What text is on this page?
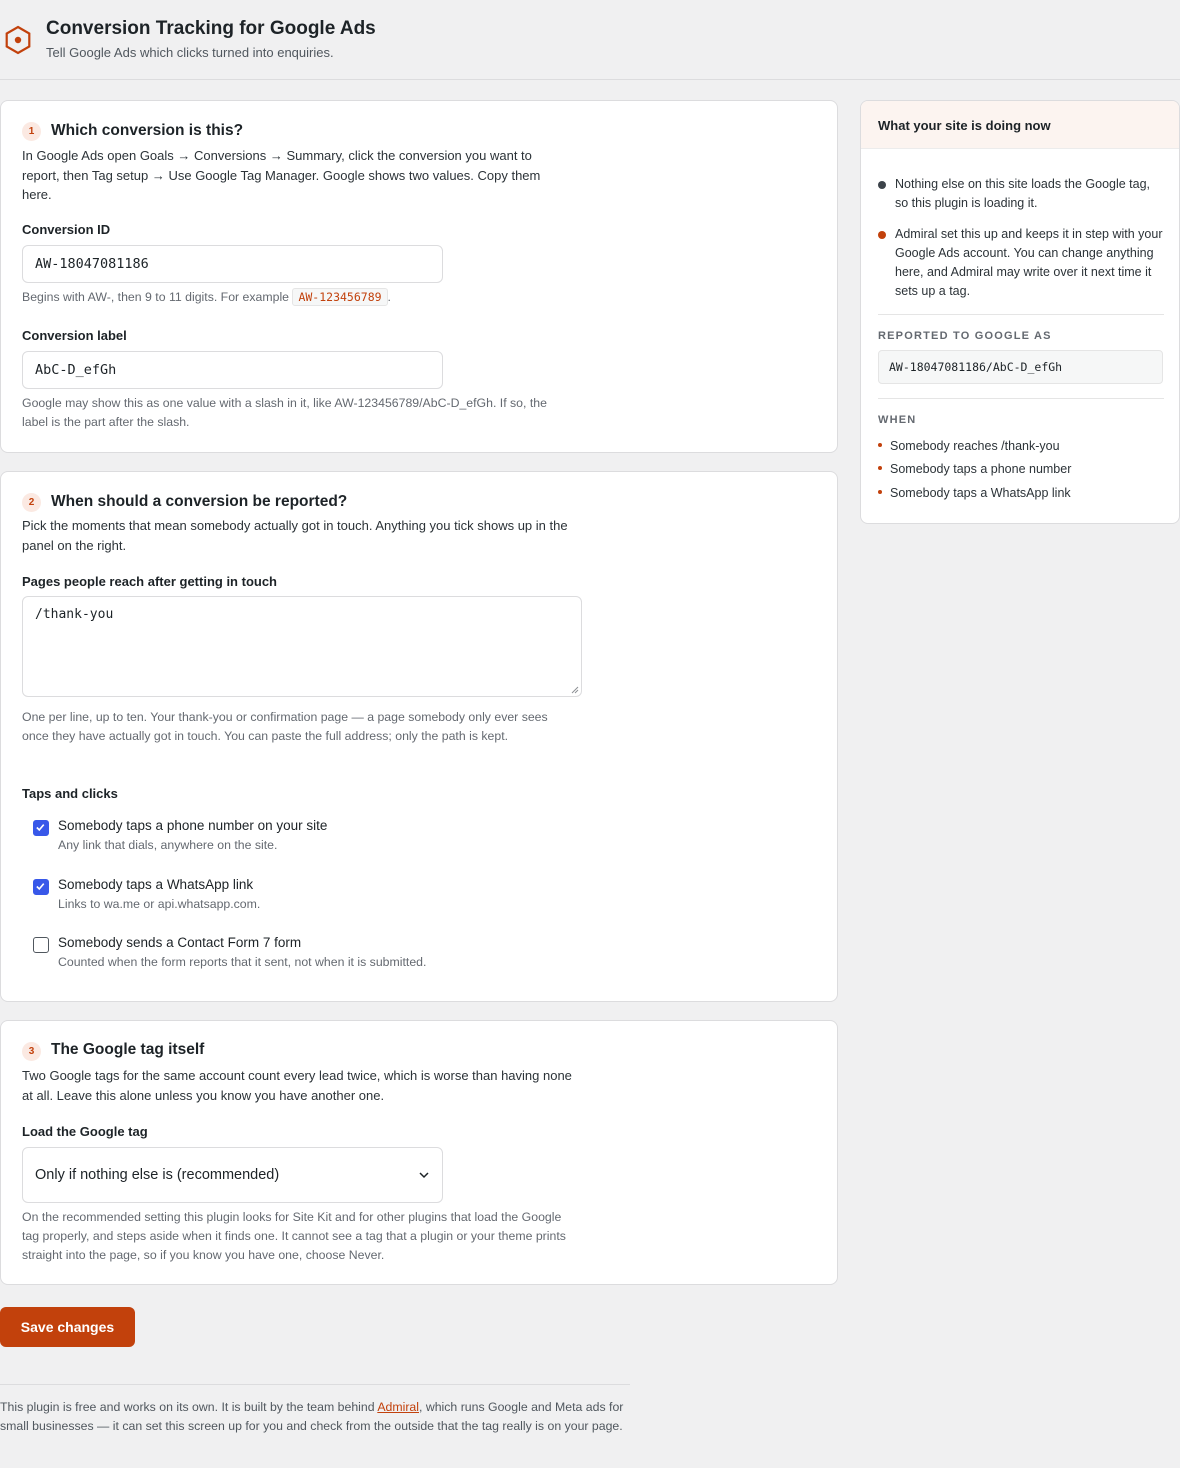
Conversion Tracking for Google Ads
Tell Google Ads which clicks turned into enquiries.
1	Which conversion is this?
In Google Ads open Goals → Conversions → Summary, click the conversion you want to report, then Tag setup → Use Google Tag Manager. Google shows two values. Copy them here.
Conversion ID
AW-18047081186
Begins with AW-, then 9 to 11 digits. For example AW-123456789 .
Conversion label
AbC-D_efGh
Google may show this as one value with a slash in it, like AW-123456789/AbC-D_efGh. If so, the label is the part after the slash.
2	When should a conversion be reported?
Pick the moments that mean somebody actually got in touch. Anything you tick shows up in the panel on the right.
Pages people reach after getting in touch
/thank-you
One per line, up to ten. Your thank-you or confirmation page — a page somebody only ever sees once they have actually got in touch. You can paste the full address; only the path is kept.
Taps and clicks
Somebody taps a phone number on your site
Any link that dials, anywhere on the site.
Somebody taps a WhatsApp link
Links to wa.me or api.whatsapp.com.
Somebody sends a Contact Form 7 form
Counted when the form reports that it sent, not when it is submitted.
3	The Google tag itself
Two Google tags for the same account count every lead twice, which is worse than having none at all. Leave this alone unless you know you have another one.
Load the Google tag
Only if nothing else is (recommended)
On the recommended setting this plugin looks for Site Kit and for other plugins that load the Google tag properly, and steps aside when it finds one. It cannot see a tag that a plugin or your theme prints straight into the page, so if you know you have one, choose Never.
Save changes
This plugin is free and works on its own. It is built by the team behind Admiral, which runs Google and Meta ads for small businesses — it can set this screen up for you and check from the outside that the tag really is on your page.
What your site is doing now
Nothing else on this site loads the Google tag, so this plugin is loading it.
Admiral set this up and keeps it in step with your Google Ads account. You can change anything here, and Admiral may write over it next time it sets up a tag.
REPORTED TO GOOGLE AS
AW-18047081186/AbC-D_efGh
WHEN
Somebody reaches /thank-you
Somebody taps a phone number
Somebody taps a WhatsApp link
